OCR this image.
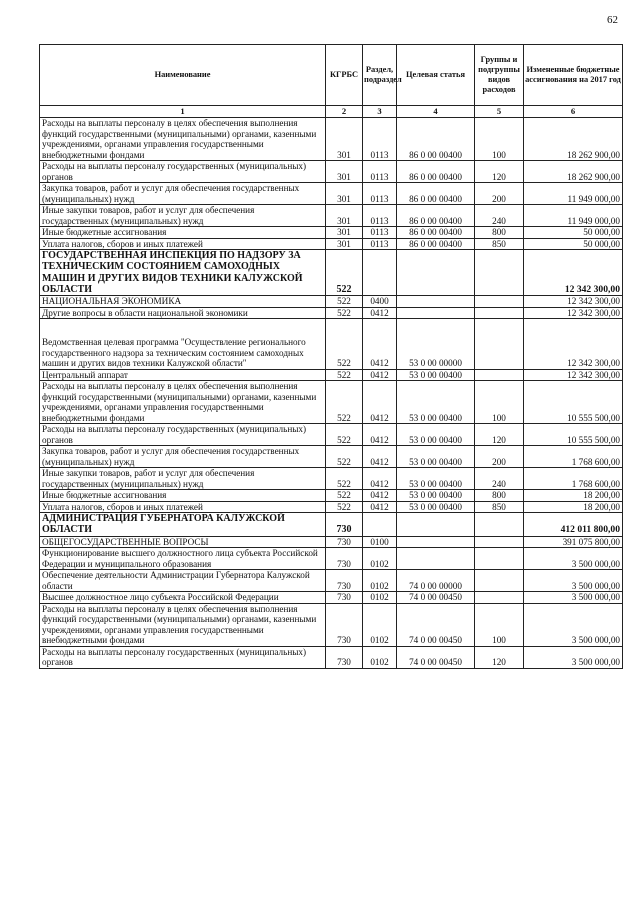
62
Наименование	КГРБС	Раздел, подраздел	Целевая статья	Группы и подгруппы видов расходов	Измененные бюджетные ассигнования на 2017 год
1	2	3	4	5	6
Расходы на выплаты персоналу в целях обеспечения выполнения функций государственными (муниципальными) органами, казенными учреждениями, органами управления государственными внебюджетными фондами	301	0113	86 0 00 00400	100	18 262 900,00
Расходы на выплаты персоналу государственных (муниципальных) органов	301	0113	86 0 00 00400	120	18 262 900,00
Закупка товаров, работ и услуг для обеспечения государственных (муниципальных) нужд	301	0113	86 0 00 00400	200	11 949 000,00
Иные закупки товаров, работ и услуг для обеспечения государственных (муниципальных) нужд	301	0113	86 0 00 00400	240	11 949 000,00
Иные бюджетные ассигнования	301	0113	86 0 00 00400	800	50 000,00
Уплата налогов, сборов и иных платежей	301	0113	86 0 00 00400	850	50 000,00
ГОСУДАРСТВЕННАЯ ИНСПЕКЦИЯ ПО НАДЗОРУ ЗА ТЕХНИЧЕСКИМ СОСТОЯНИЕМ САМОХОДНЫХ МАШИН И ДРУГИХ ВИДОВ ТЕХНИКИ КАЛУЖСКОЙ ОБЛАСТИ	522				12 342 300,00
НАЦИОНАЛЬНАЯ ЭКОНОМИКА	522	0400			12 342 300,00
Другие вопросы в области национальной экономики	522	0412			12 342 300,00
Ведомственная целевая программа "Осуществление регионального государственного надзора за техническим состоянием самоходных машин и других видов техники Калужской области"	522	0412	53 0 00 00000		12 342 300,00
Центральный аппарат	522	0412	53 0 00 00400		12 342 300,00
Расходы на выплаты персоналу в целях обеспечения выполнения функций государственными (муниципальными) органами, казенными учреждениями, органами управления государственными внебюджетными фондами	522	0412	53 0 00 00400	100	10 555 500,00
Расходы на выплаты персоналу государственных (муниципальных) органов	522	0412	53 0 00 00400	120	10 555 500,00
Закупка товаров, работ и услуг для обеспечения государственных (муниципальных) нужд	522	0412	53 0 00 00400	200	1 768 600,00
Иные закупки товаров, работ и услуг для обеспечения государственных (муниципальных) нужд	522	0412	53 0 00 00400	240	1 768 600,00
Иные бюджетные ассигнования	522	0412	53 0 00 00400	800	18 200,00
Уплата налогов, сборов и иных платежей	522	0412	53 0 00 00400	850	18 200,00
АДМИНИСТРАЦИЯ ГУБЕРНАТОРА КАЛУЖСКОЙ ОБЛАСТИ	730				412 011 800,00
ОБЩЕГОСУДАРСТВЕННЫЕ ВОПРОСЫ	730	0100			391 075 800,00
Функционирование высшего должностного лица субъекта Российской Федерации и муниципального образования	730	0102			3 500 000,00
Обеспечение деятельности Администрации Губернатора Калужской области	730	0102	74 0 00 00000		3 500 000,00
Высшее должностное лицо субъекта Российской Федерации	730	0102	74 0 00 00450		3 500 000,00
Расходы на выплаты персоналу в целях обеспечения выполнения функций государственными (муниципальными) органами, казенными учреждениями, органами управления государственными внебюджетными фондами	730	0102	74 0 00 00450	100	3 500 000,00
Расходы на выплаты персоналу государственных (муниципальных) органов	730	0102	74 0 00 00450	120	3 500 000,00
